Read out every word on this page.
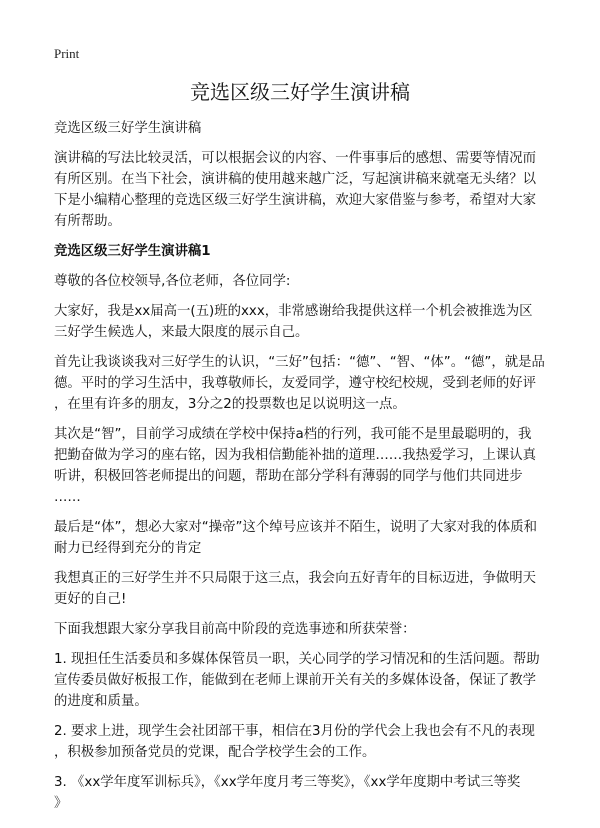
Print
竞选区级三好学生演讲稿

竞选区级三好学生演讲稿

演讲稿的写法比较灵活，可以根据会议的内容、一件事事后的感想、需要等情况而
有所区别。在当下社会，演讲稿的使用越来越广泛，写起演讲稿来就毫无头绪？以
下是小编精心整理的竞选区级三好学生演讲稿，欢迎大家借鉴与参考，希望对大家
有所帮助。

竞选区级三好学生演讲稿1

尊敬的各位校领导,各位老师，各位同学:

大家好，我是xx届高一(五)班的xxx，非常感谢给我提供这样一个机会被推选为区
三好学生候选人，来最大限度的展示自己。

首先让我谈谈我对三好学生的认识，“三好”包括：“德”、“智、“体”。“德”，就是品
德。平时的学习生活中，我尊敬师长，友爱同学，遵守校纪校规，受到老师的好评
，在里有许多的朋友，3分之2的投票数也足以说明这一点。

其次是“智”，目前学习成绩在学校中保持a档的行列，我可能不是里最聪明的，我
把勤奋做为学习的座右铭，因为我相信勤能补拙的道理……我热爱学习，上课认真
听讲，积极回答老师提出的问题，帮助在部分学科有薄弱的同学与他们共同进步
……

最后是“体”，想必大家对“操帝”这个绰号应该并不陌生，说明了大家对我的体质和
耐力已经得到充分的肯定

我想真正的三好学生并不只局限于这三点，我会向五好青年的目标迈进，争做明天
更好的自己!

下面我想跟大家分享我目前高中阶段的竞选事迹和所获荣誉：

1. 现担任生活委员和多媒体保管员一职，关心同学的学习情况和的生活问题。帮助
宣传委员做好板报工作，能做到在老师上课前开关有关的多媒体设备，保证了教学
的进度和质量。

2. 要求上进，现学生会社团部干事，相信在3月份的学代会上我也会有不凡的表现
，积极参加预备党员的党课，配合学校学生会的工作。

3. 《xx学年度军训标兵》，《xx学年度月考三等奖》，《xx学年度期中考试三等奖
》
